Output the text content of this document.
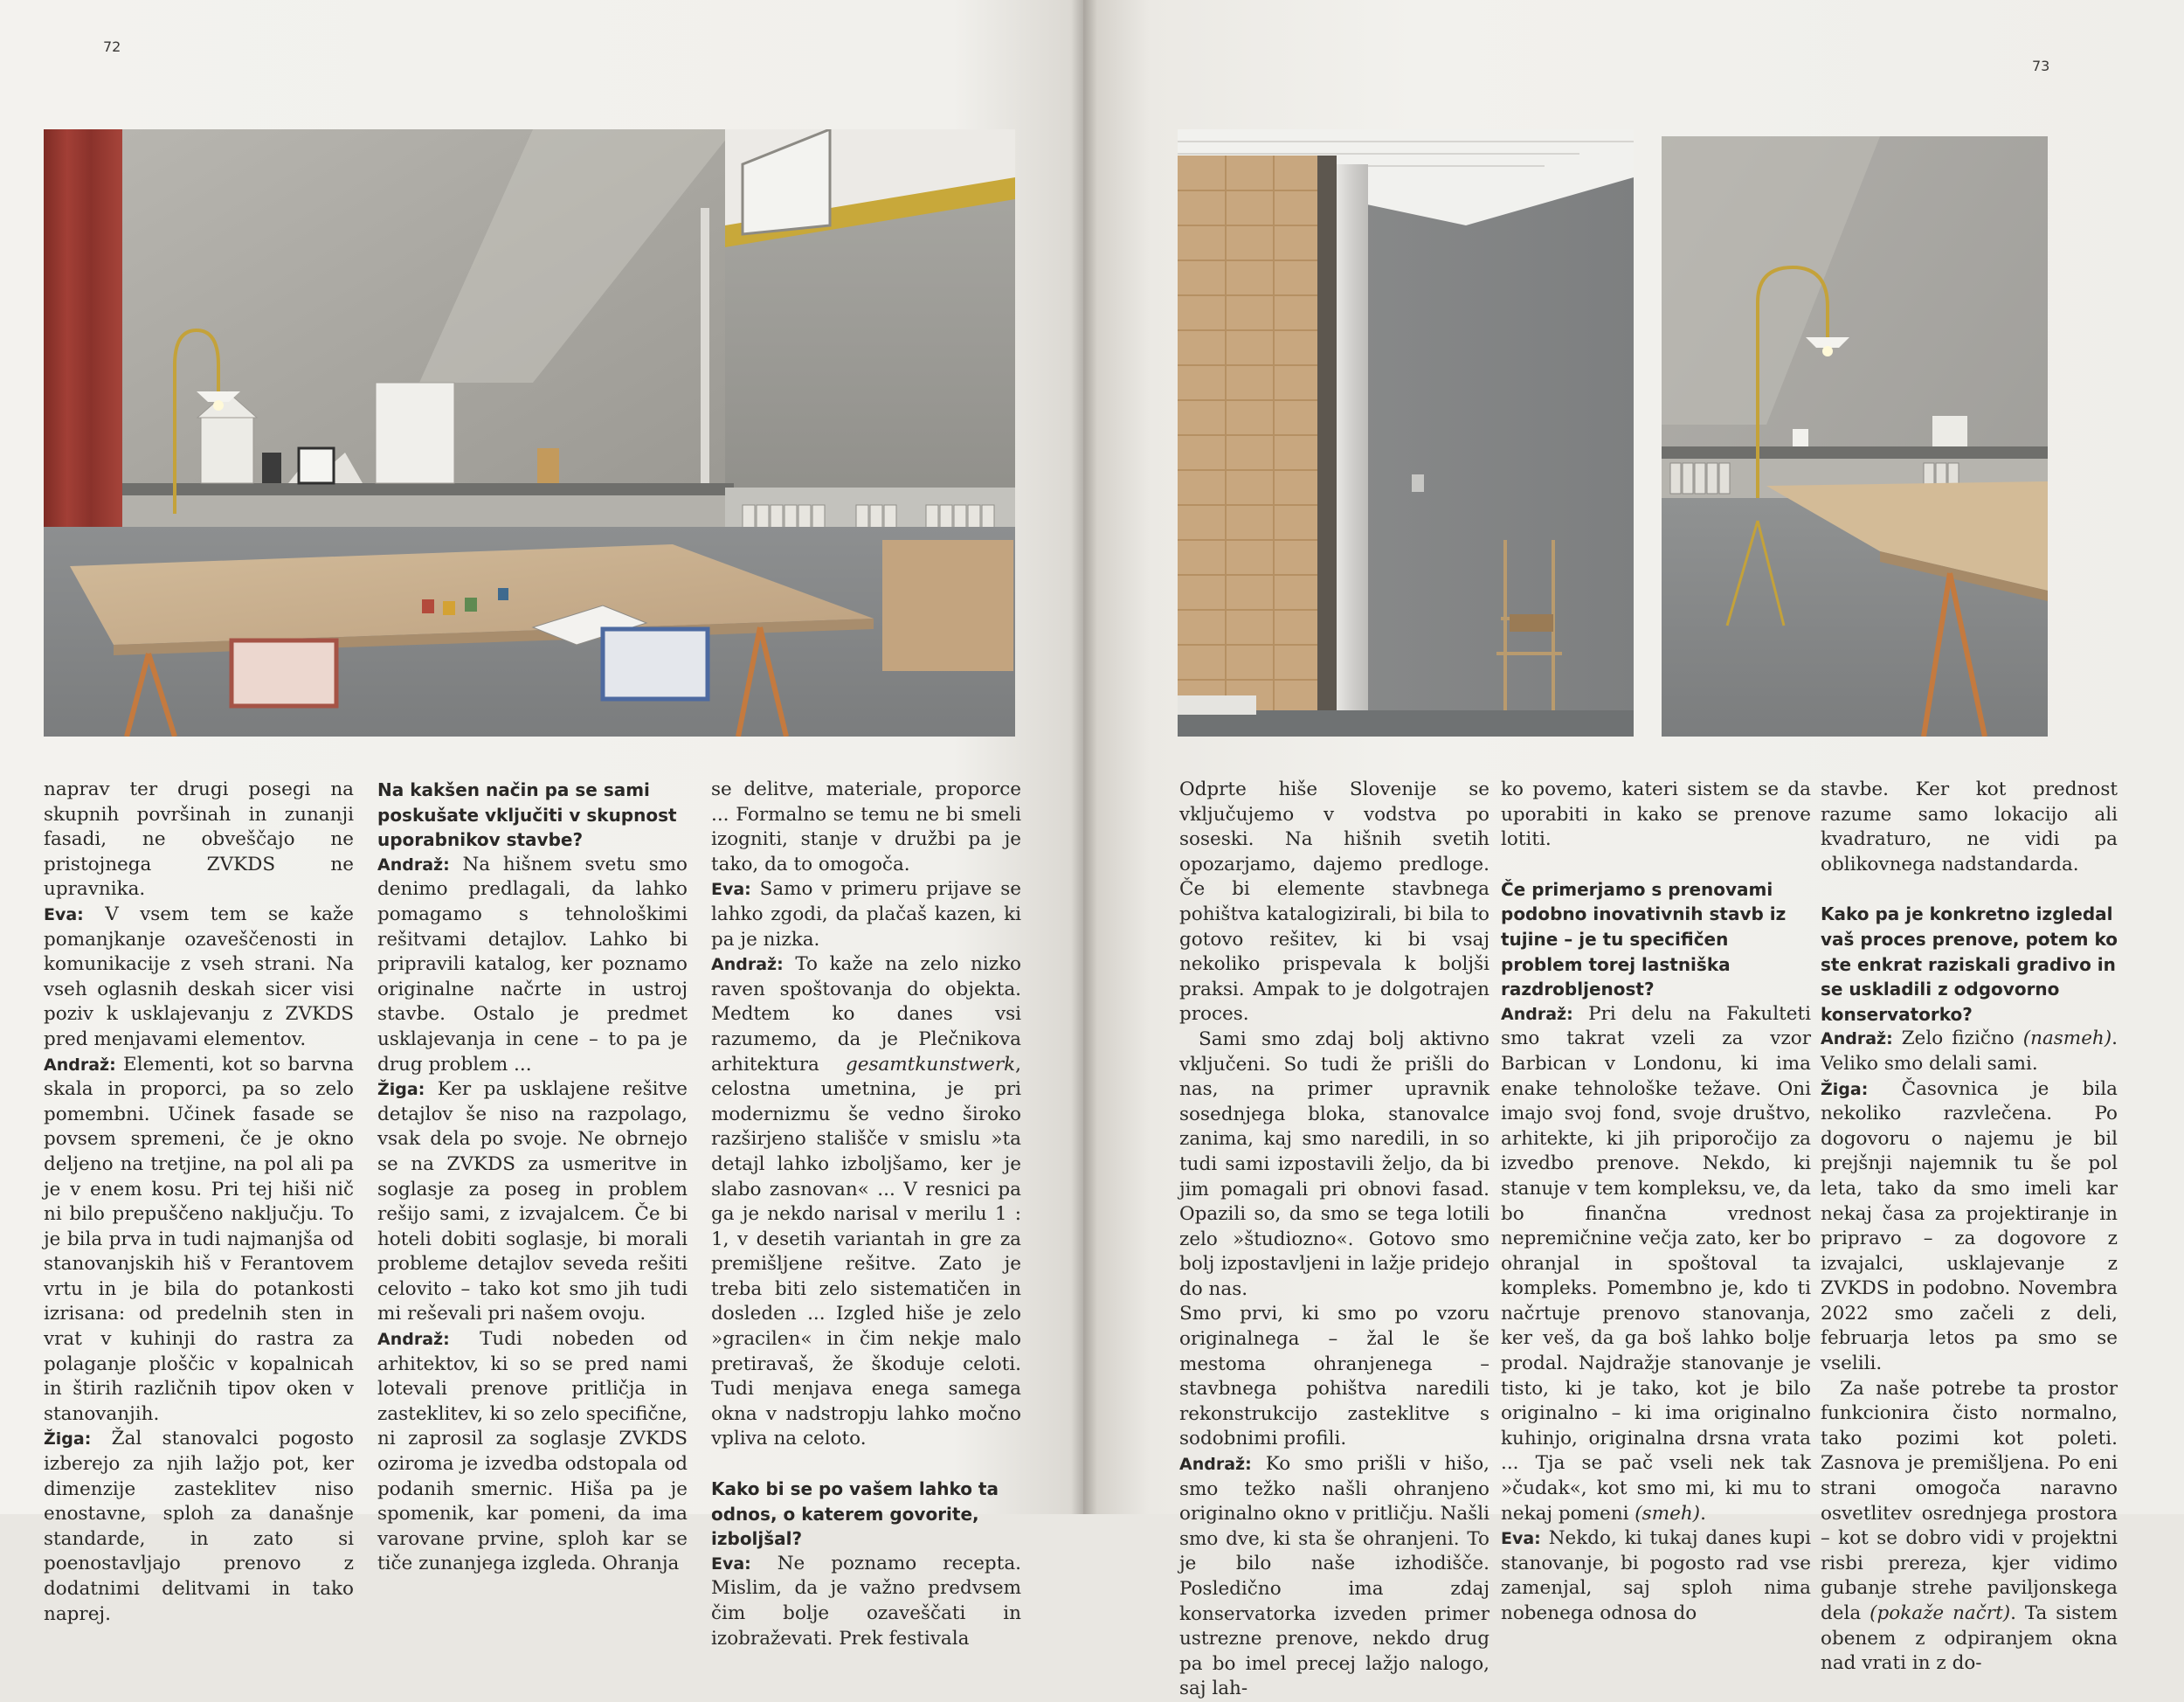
72
73

naprav ter drugi posegi na skupnih površinah in zunanji fasadi, ne obveščajo ne pristojnega ZVKDS ne upravnika.

Eva: V vsem tem se kaže pomanjkanje ozaveščenosti in komunikacije z vseh strani. Na vseh oglasnih deskah sicer visi poziv k usklajevanju z ZVKDS pred menjavami elementov.

Andraž: Elementi, kot so barvna skala in proporci, pa so zelo pomembni. Učinek fasade se povsem spremeni, če je okno deljeno na tretjine, na pol ali pa je v enem kosu. Pri tej hiši nič ni bilo prepuščeno naključju. To je bila prva in tudi najmanjša od stanovanjskih hiš v Ferantovem vrtu in je bila do potankosti izrisana: od predelnih sten in vrat v kuhinji do rastra za polaganje ploščic v kopalnicah in štirih različnih tipov oken v stanovanjih.

Žiga: Žal stanovalci pogosto izberejo za njih lažjo pot, ker dimenzije zasteklitev niso enostavne, sploh za današnje standarde, in zato si poenostavljajo prenovo z dodatnimi delitvami in tako naprej.

Na kakšen način pa se sami poskušate vključiti v skupnost uporabnikov stavbe?

Andraž: Na hišnem svetu smo denimo predlagali, da lahko pomagamo s tehnološkimi rešitvami detajlov. Lahko bi pripravili katalog, ker poznamo originalne načrte in ustroj stavbe. Ostalo je predmet usklajevanja in cene – to pa je drug problem ...

Žiga: Ker pa usklajene rešitve detajlov še niso na razpolago, vsak dela po svoje. Ne obrnejo se na ZVKDS za usmeritve in soglasje za poseg in problem rešijo sami, z izvajalcem. Če bi hoteli dobiti soglasje, bi morali probleme detajlov seveda rešiti celovito – tako kot smo jih tudi mi reševali pri našem ovoju.

Andraž: Tudi nobeden od arhitektov, ki so se pred nami lotevali prenove pritličja in zasteklitev, ki so zelo specifične, ni zaprosil za soglasje ZVKDS oziroma je izvedba odstopala od podanih smernic. Hiša pa je spomenik, kar pomeni, da ima varovane prvine, sploh kar se tiče zunanjega izgleda. Ohranja

se delitve, materiale, proporce ... Formalno se temu ne bi smeli izogniti, stanje v družbi pa je tako, da to omogoča.

Eva: Samo v primeru prijave se lahko zgodi, da plačaš kazen, ki pa je nizka.

Andraž: To kaže na zelo nizko raven spoštovanja do objekta. Medtem ko danes vsi razumemo, da je Plečnikova arhitektura gesamtkunstwerk, celostna umetnina, je pri modernizmu še vedno široko razširjeno stališče v smislu »ta detajl lahko izboljšamo, ker je slabo zasnovan« ... V resnici pa ga je nekdo narisal v merilu 1 : 1, v desetih variantah in gre za premišljene rešitve. Zato je treba biti zelo sistematičen in dosleden ... Izgled hiše je zelo »gracilen« in čim nekje malo pretiravaš, že škoduje celoti. Tudi menjava enega samega okna v nadstropju lahko močno vpliva na celoto.

Kako bi se po vašem lahko ta odnos, o katerem govorite, izboljšal?

Eva: Ne poznamo recepta. Mislim, da je važno predvsem čim bolje ozaveščati in izobraževati. Prek festivala

Odprte hiše Slovenije se vključujemo v vodstva po soseski. Na hišnih svetih opozarjamo, dajemo predloge. Če bi elemente stavbnega pohištva katalogizirali, bi bila to gotovo rešitev, ki bi vsaj nekoliko prispevala k boljši praksi. Ampak to je dolgotrajen proces.

Sami smo zdaj bolj aktivno vključeni. So tudi že prišli do nas, na primer upravnik sosednjega bloka, stanovalce zanima, kaj smo naredili, in so tudi sami izpostavili željo, da bi jim pomagali pri obnovi fasad. Opazili so, da smo se tega lotili zelo »študiozno«. Gotovo smo bolj izpostavljeni in lažje pridejo do nas.

Smo prvi, ki smo po vzoru originalnega – žal le še mestoma ohranjenega – stavbnega pohištva naredili rekonstrukcijo zasteklitve s sodobnimi profili.

Andraž: Ko smo prišli v hišo, smo težko našli ohranjeno originalno okno v pritličju. Našli smo dve, ki sta še ohranjeni. To je bilo naše izhodišče. Posledično ima zdaj konservatorka izveden primer ustrezne prenove, nekdo drug pa bo imel precej lažjo nalogo, saj lah-

ko povemo, kateri sistem se da uporabiti in kako se prenove lotiti.

Če primerjamo s prenovami podobno inovativnih stavb iz tujine – je tu specifičen problem torej lastniška razdrobljenost?

Andraž: Pri delu na Fakulteti smo takrat vzeli za vzor Barbican v Londonu, ki ima enake tehnološke težave. Oni imajo svoj fond, svoje društvo, arhitekte, ki jih priporočijo za izvedbo prenove. Nekdo, ki stanuje v tem kompleksu, ve, da bo finančna vrednost nepremičnine večja zato, ker bo ohranjal in spoštoval ta kompleks. Pomembno je, kdo ti načrtuje prenovo stanovanja, ker veš, da ga boš lahko bolje prodal. Najdražje stanovanje je tisto, ki je tako, kot je bilo originalno – ki ima originalno kuhinjo, originalna drsna vrata ... Tja se pač vseli nek tak »čudak«, kot smo mi, ki mu to nekaj pomeni (smeh).

Eva: Nekdo, ki tukaj danes kupi stanovanje, bi pogosto rad vse zamenjal, saj sploh nima nobenega odnosa do

stavbe. Ker kot prednost razume samo lokacijo ali kvadraturo, ne vidi pa oblikovnega nadstandarda.

Kako pa je konkretno izgledal vaš proces prenove, potem ko ste enkrat raziskali gradivo in se uskladili z odgovorno konservatorko?

Andraž: Zelo fizično (nasmeh). Veliko smo delali sami.

Žiga: Časovnica je bila nekoliko razvlečena. Po dogovoru o najemu je bil prejšnji najemnik tu še pol leta, tako da smo imeli kar nekaj časa za projektiranje in pripravo – za dogovore z izvajalci, usklajevanje z ZVKDS in podobno. Novembra 2022 smo začeli z deli, februarja letos pa smo se vselili.

Za naše potrebe ta prostor funkcionira čisto normalno, tako pozimi kot poleti. Zasnova je premišljena. Po eni strani omogoča naravno osvetlitev osrednjega prostora – kot se dobro vidi v projektni risbi prereza, kjer vidimo gubanje strehe paviljonskega dela (pokaže načrt). Ta sistem obenem z odpiranjem okna nad vrati in z do-
